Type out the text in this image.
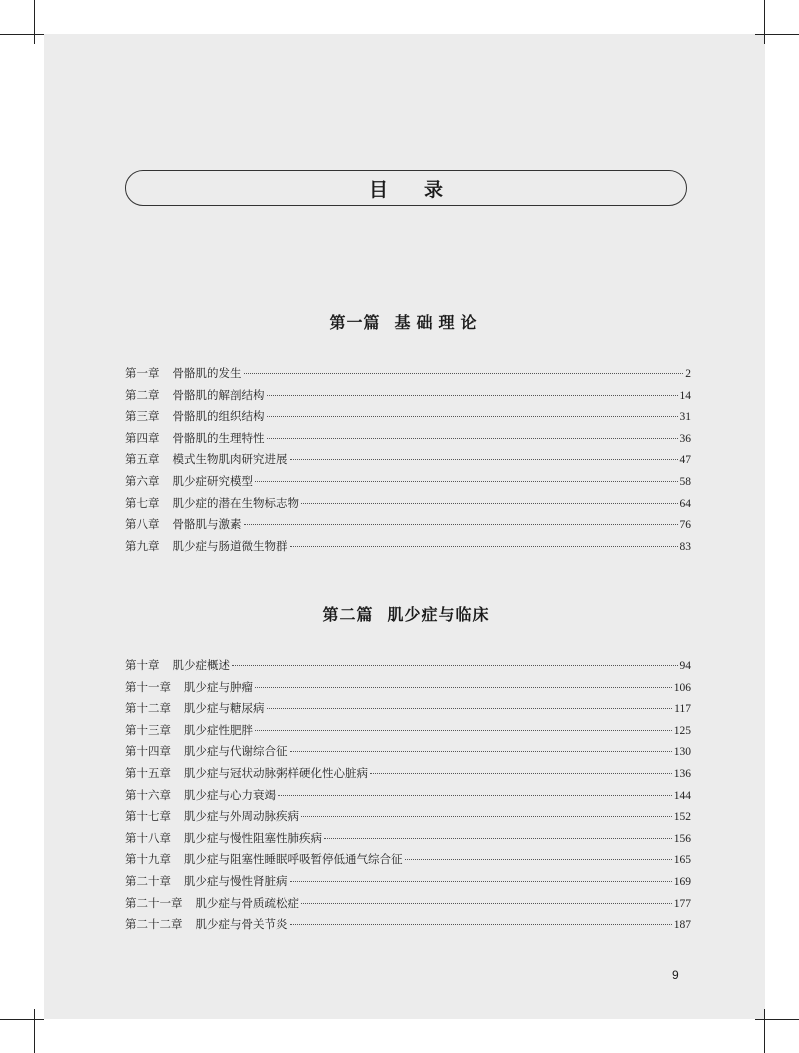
目录
第一篇 基础理论
第一章 骨骼肌的发生	2
第二章 骨骼肌的解剖结构	14
第三章 骨骼肌的组织结构	31
第四章 骨骼肌的生理特性	36
第五章 模式生物肌肉研究进展	47
第六章 肌少症研究模型	58
第七章 肌少症的潜在生物标志物	64
第八章 骨骼肌与激素	76
第九章 肌少症与肠道微生物群	83
第二篇 肌少症与临床
第十章 肌少症概述	94
第十一章 肌少症与肿瘤	106
第十二章 肌少症与糖尿病	117
第十三章 肌少症性肥胖	125
第十四章 肌少症与代谢综合征	130
第十五章 肌少症与冠状动脉粥样硬化性心脏病	136
第十六章 肌少症与心力衰竭	144
第十七章 肌少症与外周动脉疾病	152
第十八章 肌少症与慢性阻塞性肺疾病	156
第十九章 肌少症与阻塞性睡眠呼吸暂停低通气综合征	165
第二十章 肌少症与慢性肾脏病	169
第二十一章 肌少症与骨质疏松症	177
第二十二章 肌少症与骨关节炎	187
9
